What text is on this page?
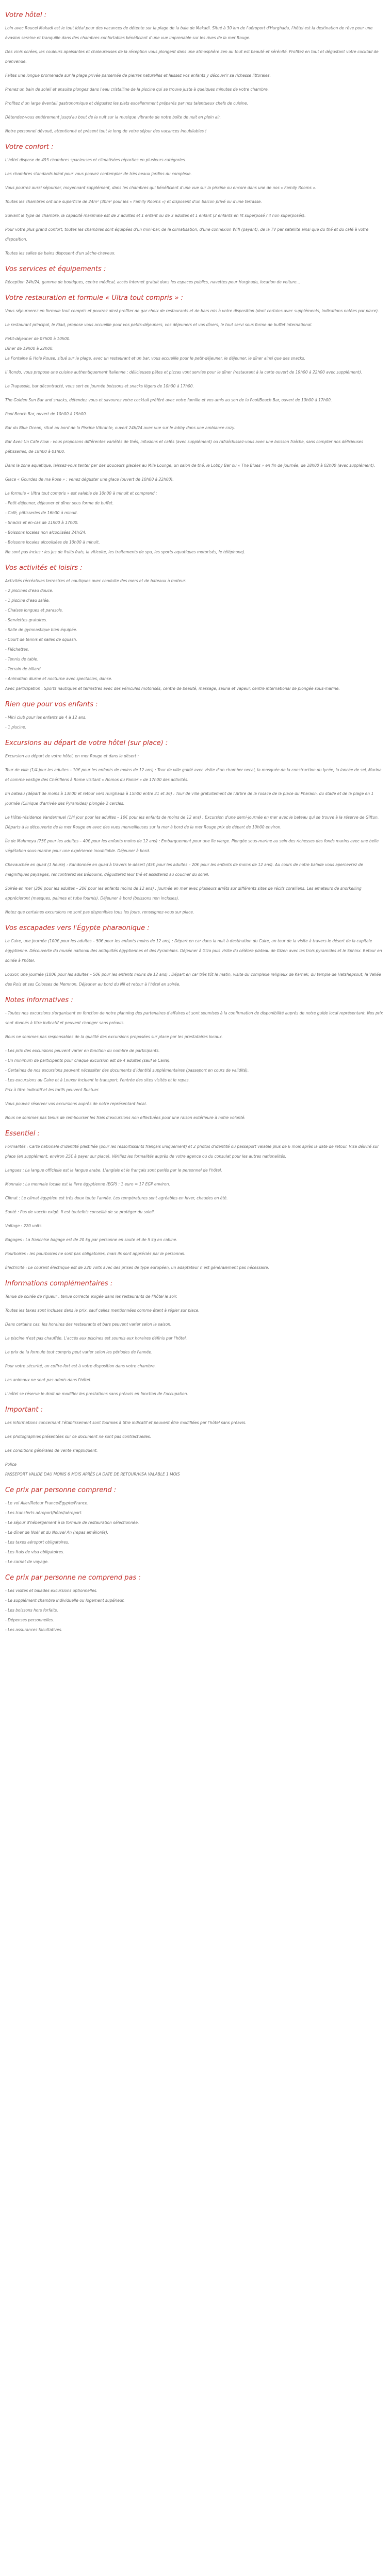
Votre hôtel :

Loin avec Roucel Makadi est le tout idéal pour des vacances de détente sur la plage de la baie de Makadi. Situé à 30 km de l'aéroport d'Hurghada, l'hôtel est la destination de rêve pour une évasion sereine et tranquille dans des chambres confortables bénéficiant d'une vue imprenable sur les rives de la mer Rouge.

Des vinis ocrées, les couleurs apaisantes et chaleureuses de la réception vous plongent dans une atmosphère zen au tout est beauté et sérénité. Profitez en tout et dégustant votre cocktail de bienvenue.

Faites une longue promenade sur la plage privée parsemée de pierres naturelles et laissez vos enfants y découvrir sa richesse littorales.

Prenez un bain de soleil et ensuite plongez dans l'eau cristalline de la piscine qui se trouve juste à quelques minutes de votre chambre.

Profitez d'un large éventail gastronomique et dégustez les plats excellemment préparés par nos talentueux chefs de cuisine.

Détendez-vous entièrement jusqu'au bout de la nuit sur la musique vibrante de notre boîte de nuit en plein air.

Notre personnel dévoué, attentionné et présent tout le long de votre séjour des vacances inoubliables !

Votre confort :

L'hôtel dispose de 493 chambres spacieuses et climatisées réparties en plusieurs catégories.

Les chambres standards idéal pour vous pouvez contempler de très beaux jardins du complexe.

Vous pourrez aussi séjourner, moyennant supplément, dans les chambres qui bénéficient d'une vue sur la piscine ou encore dans une de nos « Family Rooms ».

Toutes les chambres ont une superficie de 24m² (30m² pour les « Family Rooms ») et disposent d'un balcon privé ou d'une terrasse.

Suivant le type de chambre, la capacité maximale est de 2 adultes et 1 enfant ou de 3 adultes et 1 enfant (2 enfants en lit superposé / 4 non superposés).

Pour votre plus grand confort, toutes les chambres sont équipées d'un mini-bar, de la climatisation, d'une connexion Wifi (payant), de la TV par satellite ainsi que du thé et du café à votre disposition.

Toutes les salles de bains disposent d'un sèche-cheveux.

Vos services et équipements :

Réception 24h/24, gamme de boutiques, centre médical, accès Internet gratuit dans les espaces publics, navettes pour Hurghada, location de voiture...

Votre restauration et formule « Ultra tout compris » :

Vous séjournerez en formule tout compris et pourrez ainsi profiter de gar choix de restaurants et de bars mis à votre disposition (dont certains avec suppléments, indications notées par place).

Le restaurant principal, le Riad, propose vous accueille pour vos petits-déjeuners, vos déjeuners et vos dîners, le tout servi sous forme de buffet international.

Petit-déjeuner de 07h00 à 10h00.

Dîner de 19h00 à 22h00.

La Fontaine & Hole Rouse, situé sur la plage, avec un restaurant et un bar, vous accueille pour le petit-déjeuner, le déjeuner, le dîner ainsi que des snacks.

Il Rondo, vous propose une cuisine authentiquement italienne ; délicieuses pâtes et pizzas vont servies pour le dîner (restaurant à la carte ouvert de 19h00 à 22h00 avec supplément).

Le Trapasole, bar décontracté, vous sert en journée boissons et snacks légers de 10h00 à 17h00.

The Golden Sun Bar and snacks, détendez vous et savourez votre cocktail préféré avec votre famille et vos amis au son de la Pool/Beach Bar, ouvert de 10h00 à 17h00.

Pool Beach Bar, ouvert de 10h00 à 19h00.

Bar du Blue Ocean, situé au bord de la Piscine Vibrante, ouvert 24h/24 avec vue sur le lobby dans une ambiance cozy.

Bar Avec Un Cafe Flow : vous proposons différentes variétés de thés, infusions et cafés (avec supplément) ou rafraîchissez-vous avec une boisson fraîche, sans compter nos délicieuses pâtisseries, de 18h00 à 01h00.

Dans la zone aquatique, laissez-vous tenter par des douceurs glacées au Mila Lounge, un salon de thé, le Lobby Bar ou « The Blues » en fin de journée, de 18h00 à 02h00 (avec supplément).

Glace « Gourdes de ma Rose » : venez déguster une glace (ouvert de 10h00 à 22h00).

La formule « Ultra tout compris » est valable de 10h00 à minuit et comprend :

- Petit-déjeuner, déjeuner et dîner sous forme de buffet.

- Café, pâtisseries de 16h00 à minuit.

- Snacks et en-cas de 11h00 à 17h00.

- Boissons locales non alcoolisées 24h/24.

- Boissons locales alcoolisées de 10h00 à minuit.

Ne sont pas inclus : les jus de fruits frais, la viticolte, les traitements de spa, les sports aquatiques motorisés, le téléphone).

Vos activités et loisirs :

Activités récréatives terrestres et nautiques avec conduite des mers et de bateaux à moteur.

- 2 piscines d'eau douce.
- 1 piscine d'eau salée.
- Chaises longues et parasols.
- Serviettes gratuites.
- Salle de gymnastique bien équipée.
- Court de tennis et salles de squash.
- Fléchettes.
- Tennis de table.
- Terrain de billard.
- Animation diurne et nocturne avec spectacles, danse.

Avec participation : Sports nautiques et terrestres avec des véhicules motorisés, centre de beauté, massage, sauna et vapeur, centre international de plongée sous-marine.

Rien que pour vos enfants :
- Mini club pour les enfants de 4 à 12 ans.
- 1 piscine.
Excursions au départ de votre hôtel (sur place) :

Excursion au départ de votre hôtel, en mer Rouge et dans le désert :

Tour de ville (1/4 jour les adultes – 10€ pour les enfants de moins de 12 ans) : Tour de ville guidé avec visite d'un chamber necal, la mosquée de la construction du lycée, la lancée de sel, Marina et comme vestige des Chérifiens à Rome visitant « Nomos du Panier » de 17h00 des activités.

En bateau (départ de moins à 13h00 et retour vers Hurghada à 15h00 entre 31 et 36) : Tour de ville gratuitement de l'Arbre de la rosace de la place du Pharaon, du stade et de la plage en 1 journée (Clinique d'arrivée des Pyramides) plongée 2 cercles.

Le Hôtel-résidence Vandermuel (1/4 jour pour les adultes – 10€ pour les enfants de moins de 12 ans) : Excursion d'une demi-journée en mer avec le bateau qui se trouve à la réserve de Giftun. Départs à la découverte de la mer Rouge en avec des vues merveilleuses sur la mer à bord de la mer Rouge prix de départ de 10h00 environ.

Île de Mahmeya (75€ pour les adultes – 40€ pour les enfants moins de 12 ans) : Embarquement pour une île vierge. Plongée sous-marine au sein des richesses des fonds marins avec une belle végétation sous-marine pour une expérience inoubliable. Déjeuner à bord.

Chevauchée en quad (1 heure) : Randonnée en quad à travers le désert (45€ pour les adultes – 20€ pour les enfants de moins de 12 ans). Au cours de notre balade vous apercevrez de magnifiques paysages, rencontrerez les Bédouins, dégusterez leur thé et assisterez au coucher du soleil.

Soirée en mer (30€ pour les adultes – 20€ pour les enfants moins de 12 ans) : Journée en mer avec plusieurs arrêts sur différents sites de récifs coralliens. Les amateurs de snorkelling apprécieront (masques, palmes et tuba fournis). Déjeuner à bord (boissons non incluses).

Notez que certaines excursions ne sont pas disponibles tous les jours, renseignez-vous sur place.

Vos escapades vers l'Égypte pharaonique :

Le Caire, une journée (100€ pour les adultes – 50€ pour les enfants moins de 12 ans) : Départ en car dans la nuit à destination du Caire, un tour de la visite à travers le désert de la capitale égyptienne. Découverte du musée national des antiquités égyptiennes et des Pyramides. Déjeuner à Giza puis visite du célèbre plateau de Gizeh avec les trois pyramides et le Sphinx. Retour en soirée à l'hôtel.

Louxor, une journée (100€ pour les adultes – 50€ pour les enfants moins de 12 ans) : Départ en car très tôt le matin, visite du complexe religieux de Karnak, du temple de Hatshepsout, la Vallée des Rois et ses Colosses de Memnon. Déjeuner au bord du Nil et retour à l'hôtel en soirée.

Notes informatives :

- Toutes nos excursions s'organisent en fonction de notre planning des partenaires d'affaires et sont soumises à la confirmation de disponibilité auprès de notre guide local représentant. Nos prix sont donnés à titre indicatif et peuvent changer sans préavis.

Nous ne sommes pas responsables de la qualité des excursions proposées sur place par les prestataires locaux.

- Les prix des excursions peuvent varier en fonction du nombre de participants.

- Un minimum de participants pour chaque excursion est de 4 adultes (sauf le Caire).

- Certaines de nos excursions peuvent nécessiter des documents d'identité supplémentaires (passeport en cours de validité).

- Les excursions au Caire et à Louxor incluent le transport, l'entrée des sites visités et le repas.

Prix à titre indicatif et les tarifs peuvent fluctuer.

Vous pouvez réserver vos excursions auprès de notre représentant local.

Nous ne sommes pas tenus de rembourser les frais d'excursions non effectuées pour une raison extérieure à notre volonté.

Essentiel :

Formalités : Carte nationale d'identité plastifiée (pour les ressortissants français uniquement) et 2 photos d'identité ou passeport valable plus de 6 mois après la date de retour. Visa délivré sur place (en supplément, environ 25€ à payer sur place). Vérifiez les formalités auprès de votre agence ou du consulat pour les autres nationalités.

Langues : La langue officielle est la langue arabe. L'anglais et le français sont parlés par le personnel de l'hôtel.

Monnaie : La monnaie locale est la livre égyptienne (EGP) : 1 euro = 17 EGP environ.

Climat : Le climat égyptien est très doux toute l'année. Les températures sont agréables en hiver, chaudes en été.

Santé : Pas de vaccin exigé. Il est toutefois conseillé de se protéger du soleil.

Voltage : 220 volts.

Bagages : La franchise bagage est de 20 kg par personne en soute et de 5 kg en cabine.

Pourboires : les pourboires ne sont pas obligatoires, mais ils sont appréciés par le personnel.

Électricité : Le courant électrique est de 220 volts avec des prises de type européen, un adaptateur n'est généralement pas nécessaire.

Informations complémentaires :

Tenue de soirée de rigueur : tenue correcte exigée dans les restaurants de l'hôtel le soir.

Toutes les taxes sont incluses dans le prix, sauf celles mentionnées comme étant à régler sur place.

Dans certains cas, les horaires des restaurants et bars peuvent varier selon la saison.

La piscine n'est pas chauffée. L'accès aux piscines est soumis aux horaires définis par l'hôtel.

Le prix de la formule tout compris peut varier selon les périodes de l'année.

Pour votre sécurité, un coffre-fort est à votre disposition dans votre chambre.

Les animaux ne sont pas admis dans l'hôtel.

L'hôtel se réserve le droit de modifier les prestations sans préavis en fonction de l'occupation.

Important :

Les informations concernant l'établissement sont fournies à titre indicatif et peuvent être modifiées par l'hôtel sans préavis.

Les photographies présentées sur ce document ne sont pas contractuelles.

Les conditions générales de vente s'appliquent.

Police

PASSEPORT VALIDE DAU MOINS 6 MOIS APRÈS LA DATE DE RETOUR/VISA VALABLE 1 MOIS

Ce prix par personne comprend :
- Le vol Aller/Retour France/Égypte/France.
- Les transferts aéroport/hôtel/aéroport.
- Le séjour d'hébergement à la formule de restauration sélectionnée.
- Le dîner de Noël et du Nouvel An (repas améliorés).
- Les taxes aéroport obligatoires.
- Les frais de visa obligatoires.
- Le carnet de voyage.
Ce prix par personne ne comprend pas :
- Les visites et balades excursions optionnelles.
- Le supplément chambre individuelle ou logement supérieur.
- Les boissons hors forfaits.
- Dépenses personnelles.
- Les assurances facultatives.
